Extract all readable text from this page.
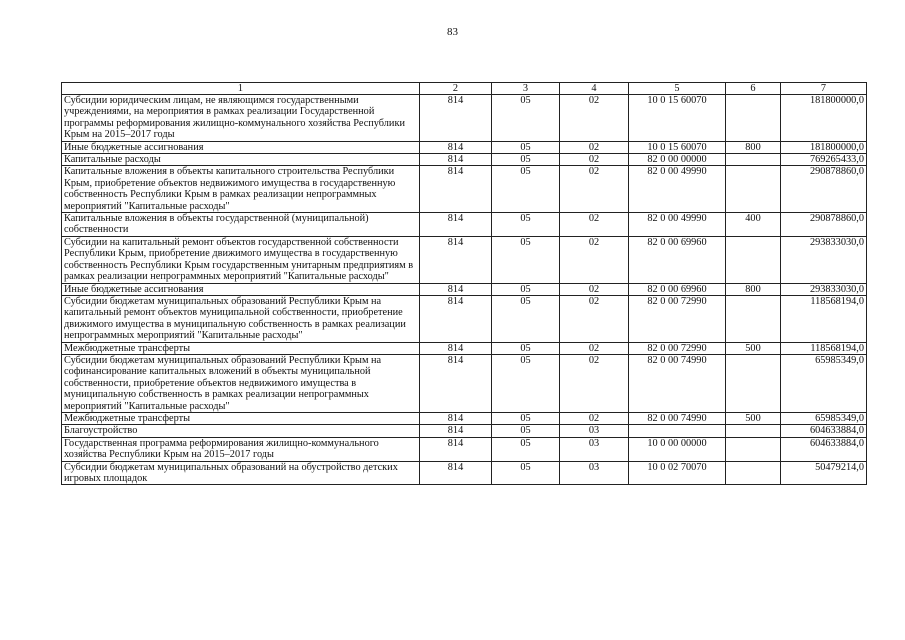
83
1	2	3	4	5	6	7
Субсидии юридическим лицам, не являющимся государственными учреждениями, на мероприятия в рамках реализации Государственной программы реформирования жилищно-коммунального хозяйства Республики Крым на 2015–2017 годы	814	05	02	10 0 15 60070		181800000,0
Иные бюджетные ассигнования	814	05	02	10 0 15 60070	800	181800000,0
Капитальные расходы	814	05	02	82 0 00 00000		769265433,0
Капитальные вложения в объекты капитального строительства Республики Крым, приобретение объектов недвижимого имущества в государственную собственность Республики Крым в рамках реализации непрограммных мероприятий "Капитальные расходы"	814	05	02	82 0 00 49990		290878860,0
Капитальные вложения в объекты государственной (муниципальной) собственности	814	05	02	82 0 00 49990	400	290878860,0
Субсидии на капитальный ремонт объектов государственной собственности Республики Крым, приобретение движимого имущества в государственную собственность Республики Крым государственным унитарным предприятиям в рамках реализации непрограммных мероприятий "Капитальные расходы"	814	05	02	82 0 00 69960		293833030,0
Иные бюджетные ассигнования	814	05	02	82 0 00 69960	800	293833030,0
Субсидии бюджетам муниципальных образований Республики Крым на капитальный ремонт объектов муниципальной собственности, приобретение движимого имущества в муниципальную собственность в рамках реализации непрограммных мероприятий "Капитальные расходы"	814	05	02	82 0 00 72990		118568194,0
Межбюджетные трансферты	814	05	02	82 0 00 72990	500	118568194,0
Субсидии бюджетам муниципальных образований Республики Крым на софинансирование капитальных вложений в объекты муниципальной собственности, приобретение объектов недвижимого имущества в муниципальную собственность в рамках реализации непрограммных мероприятий "Капитальные расходы"	814	05	02	82 0 00 74990		65985349,0
Межбюджетные трансферты	814	05	02	82 0 00 74990	500	65985349,0
Благоустройство	814	05	03			604633884,0
Государственная программа реформирования жилищно-коммунального хозяйства Республики Крым на 2015–2017 годы	814	05	03	10 0 00 00000		604633884,0
Субсидии бюджетам муниципальных образований на обустройство детских игровых площадок	814	05	03	10 0 02 70070		50479214,0
